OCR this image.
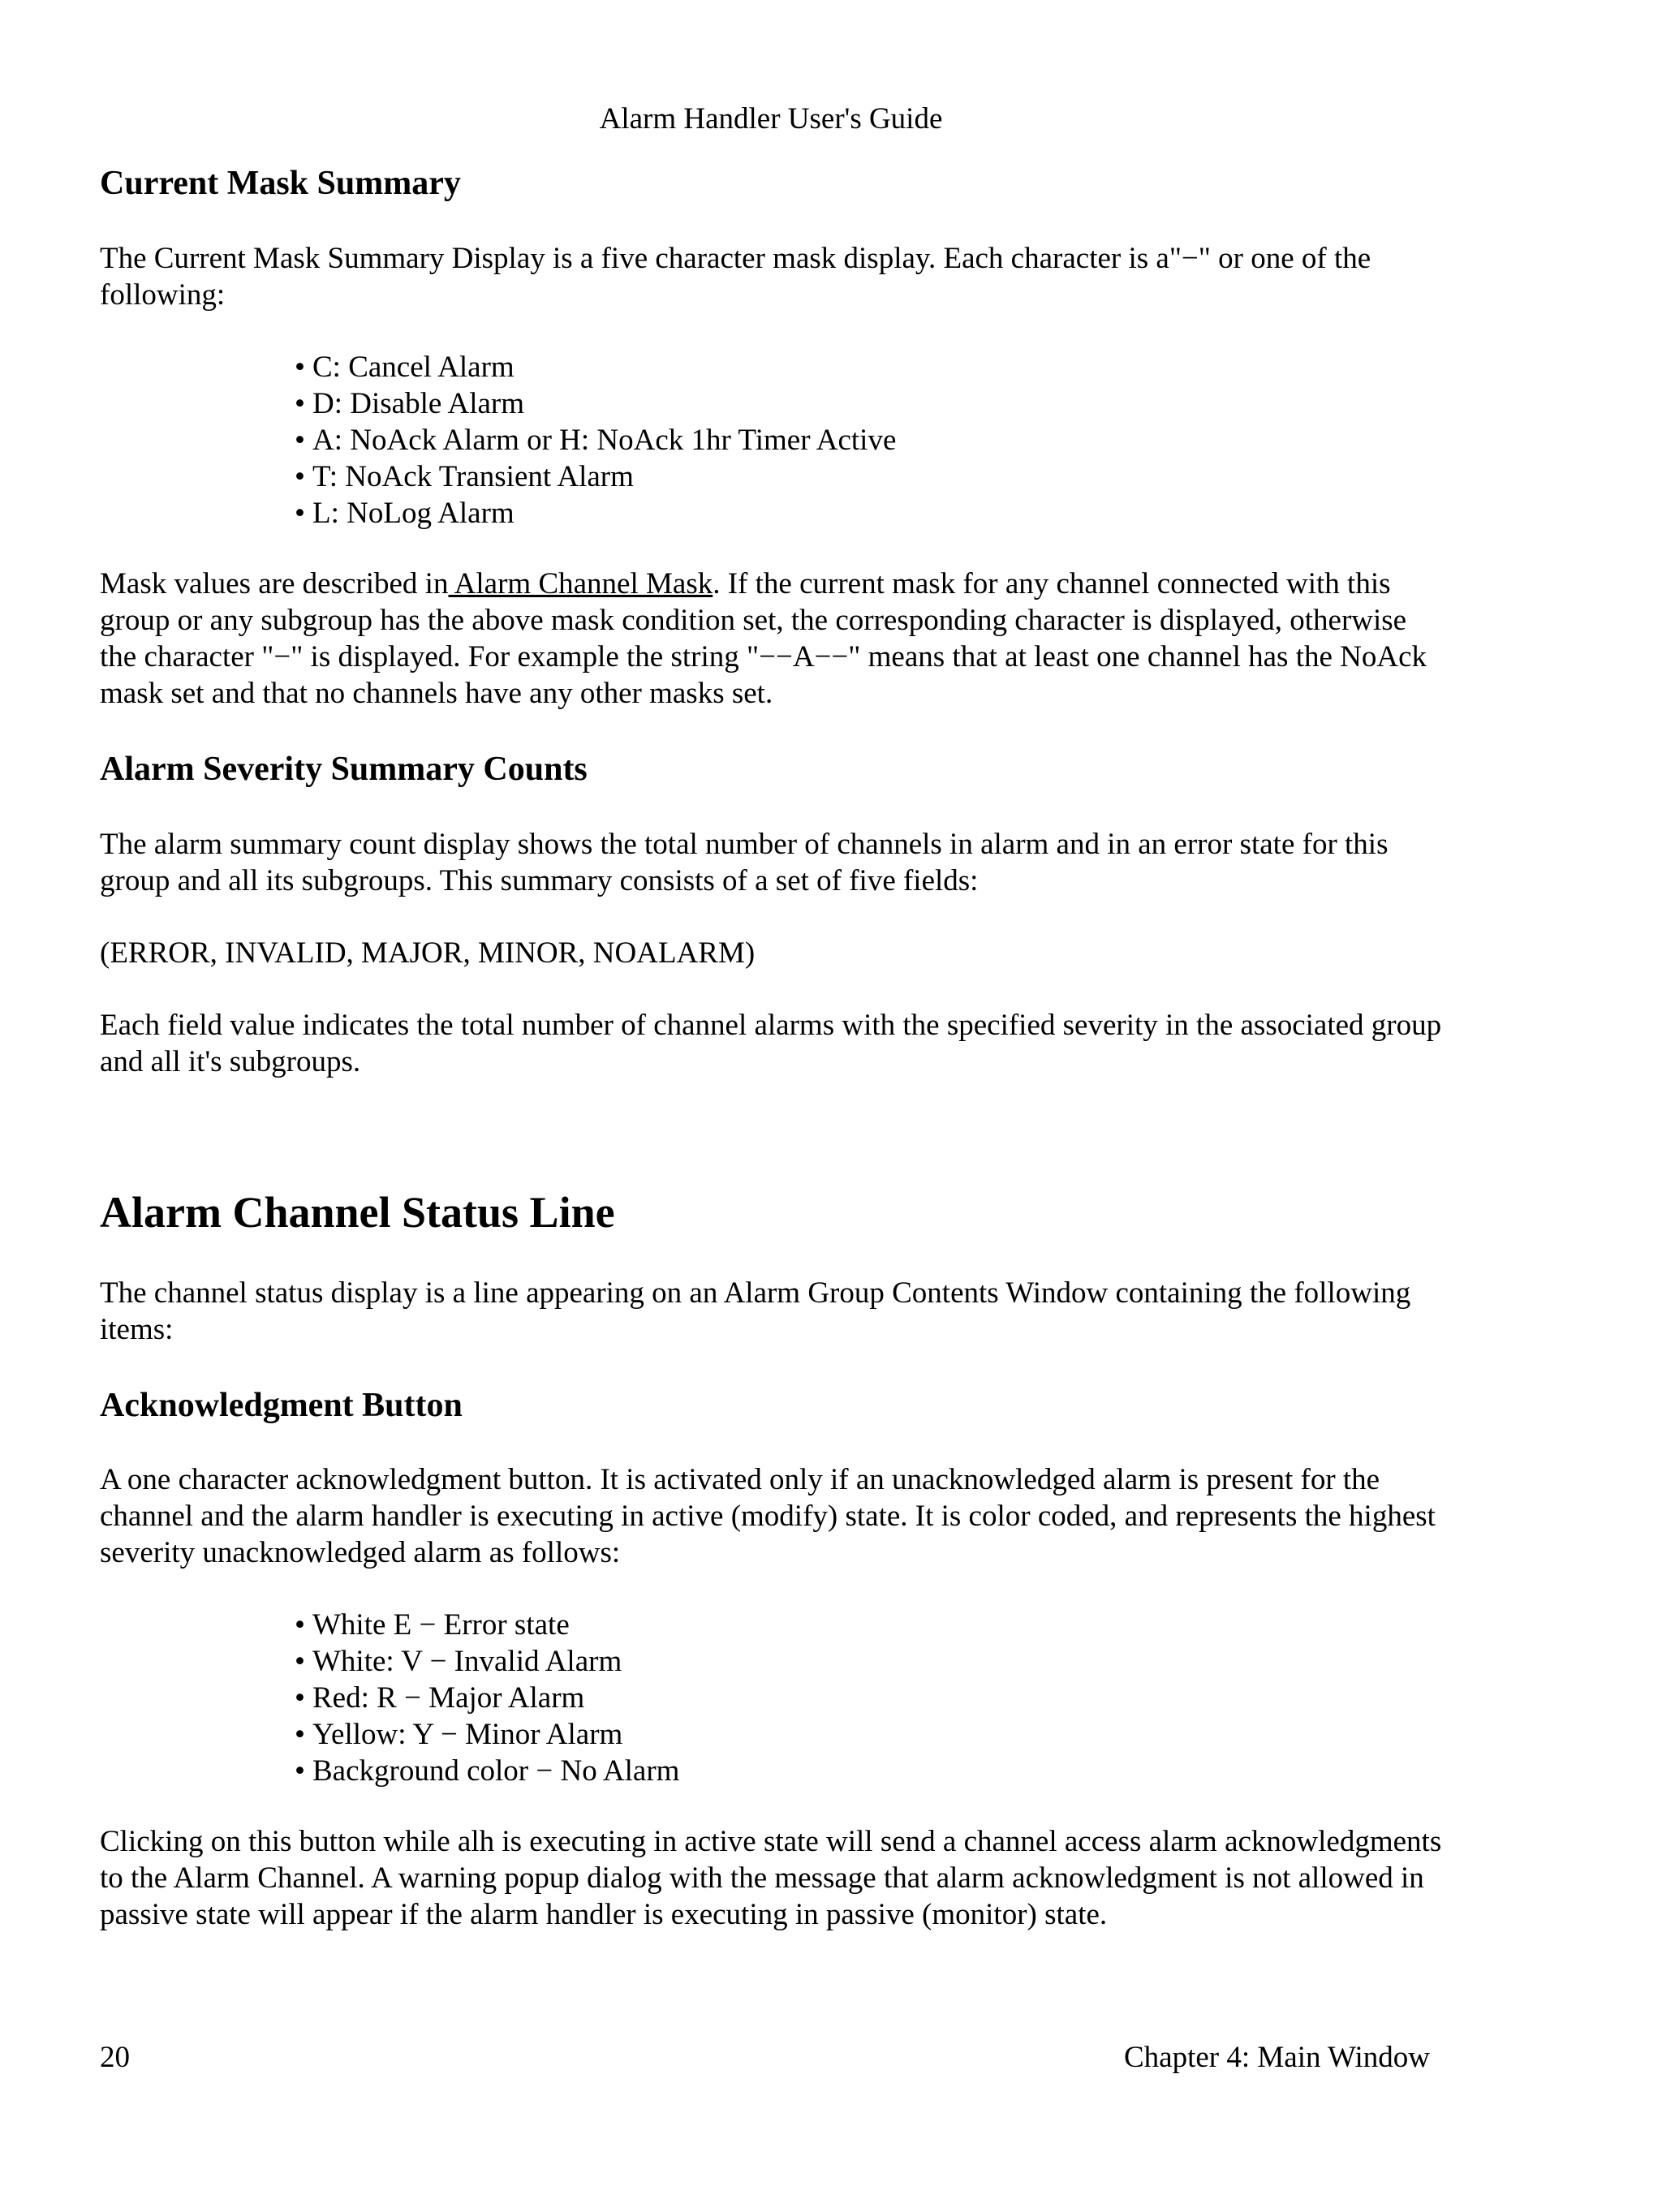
Alarm Handler User's Guide
Current Mask Summary

The Current Mask Summary Display is a five character mask display. Each character is a"−" or one of the following:

• C: Cancel Alarm
• D: Disable Alarm
• A: NoAck Alarm or H: NoAck 1hr Timer Active
• T: NoAck Transient Alarm
• L: NoLog Alarm

Mask values are described in Alarm Channel Mask. If the current mask for any channel connected with this group or any subgroup has the above mask condition set, the corresponding character is displayed, otherwise the character "−" is displayed. For example the string "−−A−−" means that at least one channel has the NoAck mask set and that no channels have any other masks set.

Alarm Severity Summary Counts

The alarm summary count display shows the total number of channels in alarm and in an error state for this group and all its subgroups. This summary consists of a set of five fields:

(ERROR, INVALID, MAJOR, MINOR, NOALARM)

Each field value indicates the total number of channel alarms with the specified severity in the associated group and all it's subgroups.

Alarm Channel Status Line

The channel status display is a line appearing on an Alarm Group Contents Window containing the following items:

Acknowledgment Button

A one character acknowledgment button. It is activated only if an unacknowledged alarm is present for the channel and the alarm handler is executing in active (modify) state. It is color coded, and represents the highest severity unacknowledged alarm as follows:

• White E − Error state
• White: V − Invalid Alarm
• Red: R − Major Alarm
• Yellow: Y − Minor Alarm
• Background color − No Alarm

Clicking on this button while alh is executing in active state will send a channel access alarm acknowledgments to the Alarm Channel. A warning popup dialog with the message that alarm acknowledgment is not allowed in passive state will appear if the alarm handler is executing in passive (monitor) state.

20	Chapter 4: Main Window
